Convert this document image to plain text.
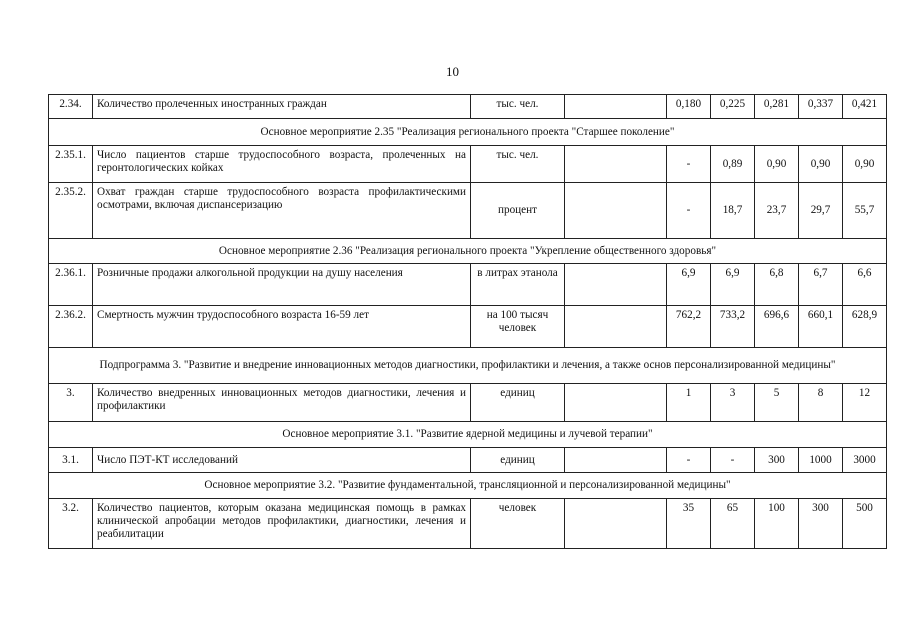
10
2.34.	Количество пролеченных иностранных граждан	тыс. чел.		0,180	0,225	0,281	0,337	0,421
Основное мероприятие 2.35 "Реализация регионального проекта "Старшее поколение"								
2.35.1.	Число пациентов старше трудоспособного возраста, пролеченных на геронтологических койках	тыс. чел.		-	0,89	0,90	0,90	0,90
2.35.2.	Охват граждан старше трудоспособного возраста профилактическими осмотрами, включая диспансеризацию	процент		-	18,7	23,7	29,7	55,7
Основное мероприятие 2.36 "Реализация регионального проекта "Укрепление общественного здоровья"								
2.36.1.	Розничные продажи алкогольной продукции на душу населения	в литрах этанола		6,9	6,9	6,8	6,7	6,6
2.36.2.	Смертность мужчин трудоспособного возраста 16-59 лет	на 100 тысяч человек		762,2	733,2	696,6	660,1	628,9
Подпрограмма 3. "Развитие и внедрение инновационных методов диагностики, профилактики и лечения, а также основ персонализированной медицины"								
3.	Количество внедренных инновационных методов диагностики, лечения и профилактики	единиц		1	3	5	8	12
Основное мероприятие 3.1. "Развитие ядерной медицины и лучевой терапии"								
3.1.	Число ПЭТ-КТ исследований	единиц		-	-	300	1000	3000
Основное мероприятие 3.2. "Развитие фундаментальной, трансляционной и персонализированной медицины"								
3.2.	Количество пациентов, которым оказана медицинская помощь в рамках клинической апробации методов профилактики, диагностики, лечения и реабилитации	человек		35	65	100	300	500
